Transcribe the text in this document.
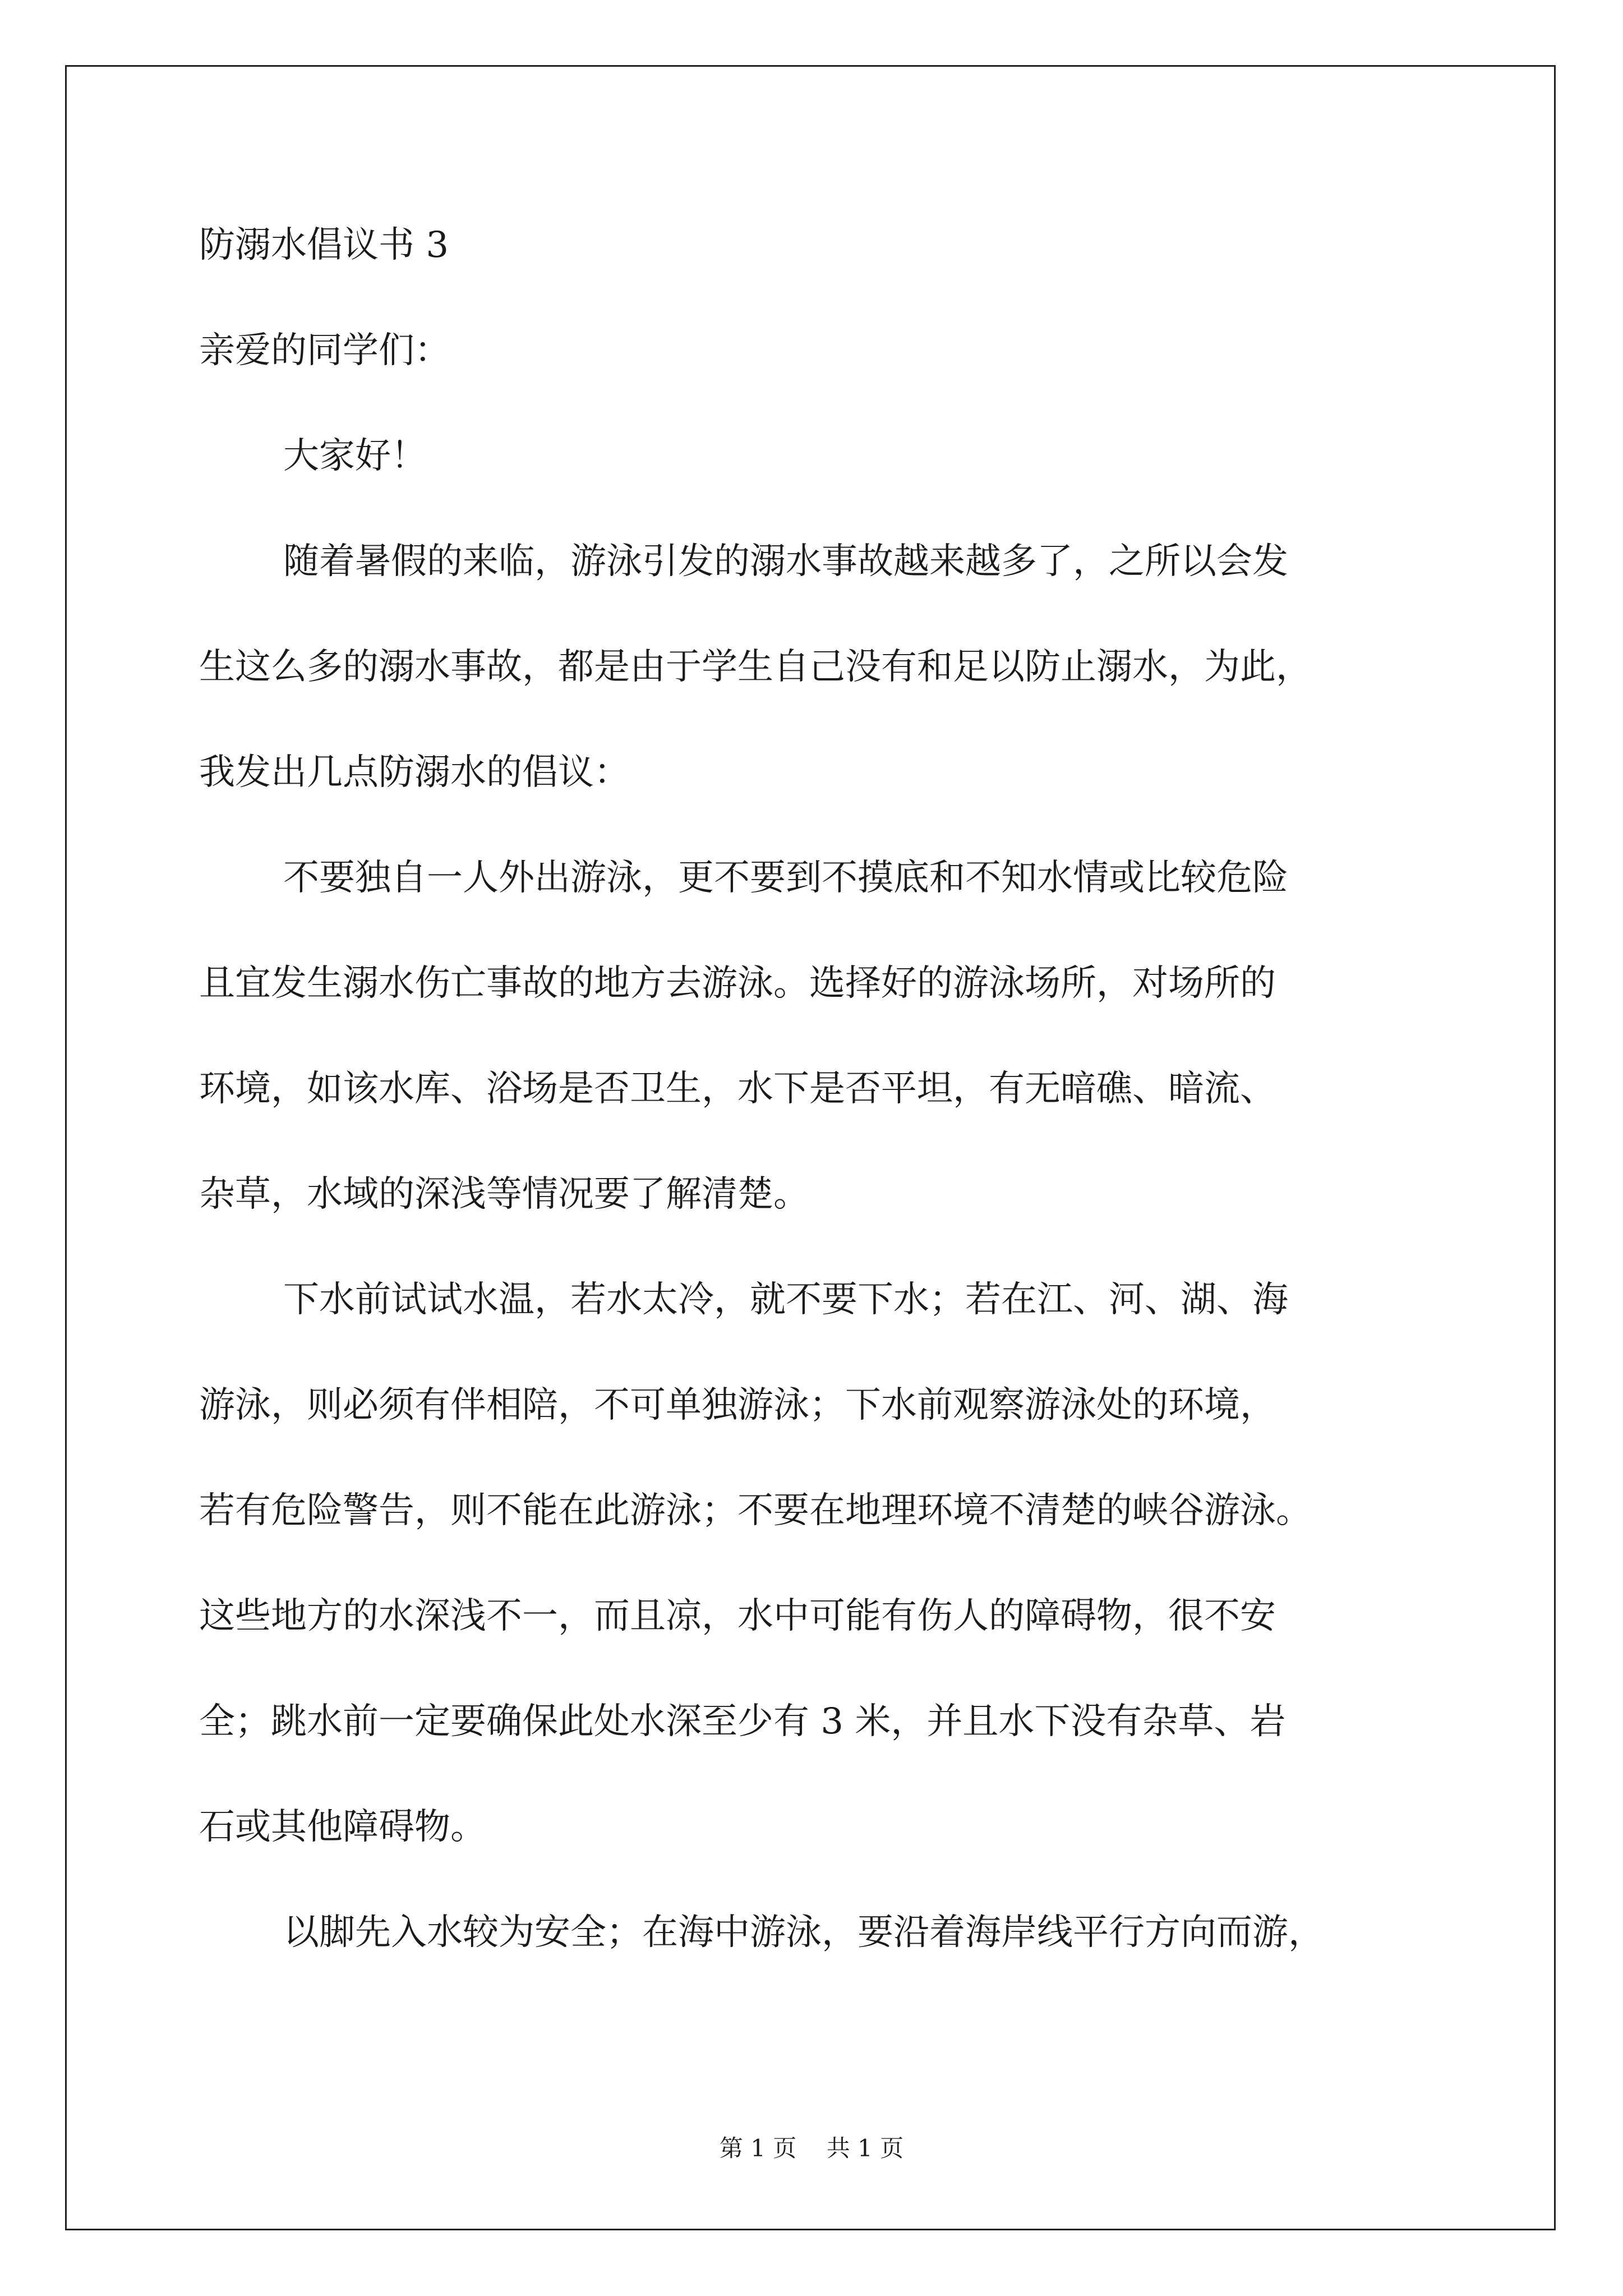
防溺水倡议书 3

亲爱的同学们：

大家好！

随着暑假的来临，游泳引发的溺水事故越来越多了，之所以会发
生这么多的溺水事故，都是由于学生自己没有和足以防止溺水，为此，
我发出几点防溺水的倡议：
不要独自一人外出游泳，更不要到不摸底和不知水情或比较危险
且宜发生溺水伤亡事故的地方去游泳。选择好的游泳场所，对场所的
环境，如该水库、浴场是否卫生，水下是否平坦，有无暗礁、暗流、
杂草，水域的深浅等情况要了解清楚。
下水前试试水温，若水太冷，就不要下水；若在江、河、湖、海
游泳，则必须有伴相陪，不可单独游泳；下水前观察游泳处的环境，
若有危险警告，则不能在此游泳；不要在地理环境不清楚的峡谷游泳。
这些地方的水深浅不一，而且凉，水中可能有伤人的障碍物，很不安
全；跳水前一定要确保此处水深至少有 3 米，并且水下没有杂草、岩
石或其他障碍物。
以脚先入水较为安全；在海中游泳，要沿着海岸线平行方向而游，
第 1 页    共 1 页
